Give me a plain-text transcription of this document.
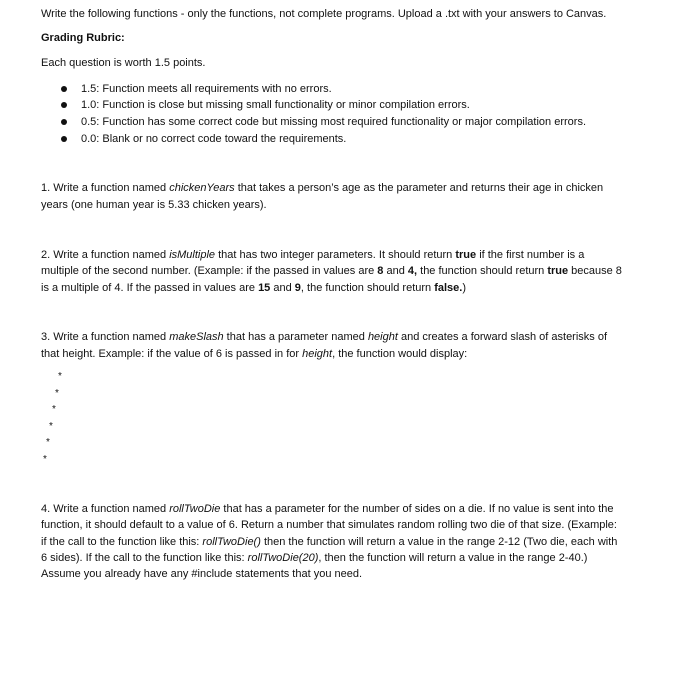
Write the following functions - only the functions, not complete programs. Upload a .txt with your answers to Canvas.
Grading Rubric:
Each question is worth 1.5 points.
1.5: Function meets all requirements with no errors.
1.0: Function is close but missing small functionality or minor compilation errors.
0.5: Function has some correct code but missing most required functionality or major compilation errors.
0.0: Blank or no correct code toward the requirements.
1. Write a function named chickenYears that takes a person’s age as the parameter and returns their age in chicken
years (one human year is 5.33 chicken years).
2. Write a function named isMultiple that has two integer parameters. It should return true if the first number is a
multiple of the second number. (Example: if the passed in values are 8 and 4, the function should return true because 8
is a multiple of 4. If the passed in values are 15 and 9, the function should return false.)
3. Write a function named makeSlash that has a parameter named height and creates a forward slash of asterisks of
that height. Example: if the value of 6 is passed in for height, the function would display:
*
*
*
*
*
*
4. Write a function named rollTwoDie that has a parameter for the number of sides on a die. If no value is sent into the
function, it should default to a value of 6. Return a number that simulates random rolling two die of that size. (Example:
if the call to the function like this: rollTwoDie() then the function will return a value in the range 2-12 (Two die, each with
6 sides). If the call to the function like this: rollTwoDie(20), then the function will return a value in the range 2-40.)
Assume you already have any #include statements that you need.
